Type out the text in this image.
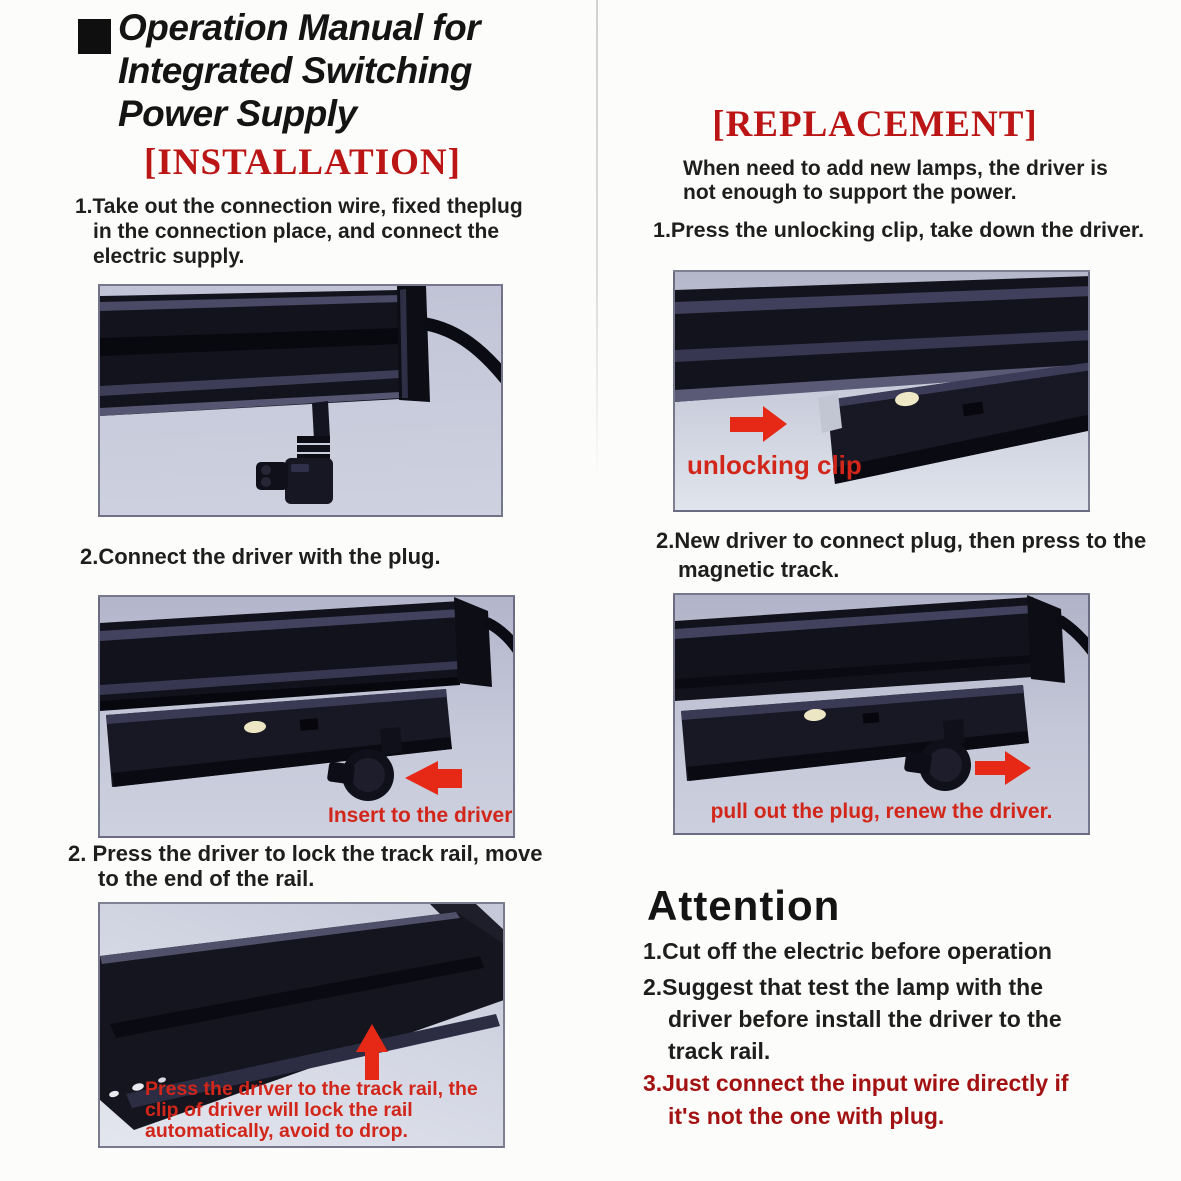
Operation Manual for
Integrated Switching
Power Supply
[INSTALLATION]
1.Take out the connection wire, fixed theplug
in the connection place, and connect the
electric supply.
2.Connect the driver with the plug.
Insert to the driver
2. Press the driver to lock the track rail, move
to the end of the rail.
Press the driver to the track rail, the
clip of driver will lock the rail
automatically, avoid to drop.
[REPLACEMENT]
When need to add new lamps, the driver is
not enough to support the power.
1.Press the unlocking clip, take down the driver.
unlocking clip
2.New driver to connect plug, then press to the
magnetic track.
pull out the plug, renew the driver.
Attention
1.Cut off the electric before operation
2.Suggest that test the lamp with the
driver before install the driver to the
track rail.
3.Just connect the input wire directly if
it's not the one with plug.
